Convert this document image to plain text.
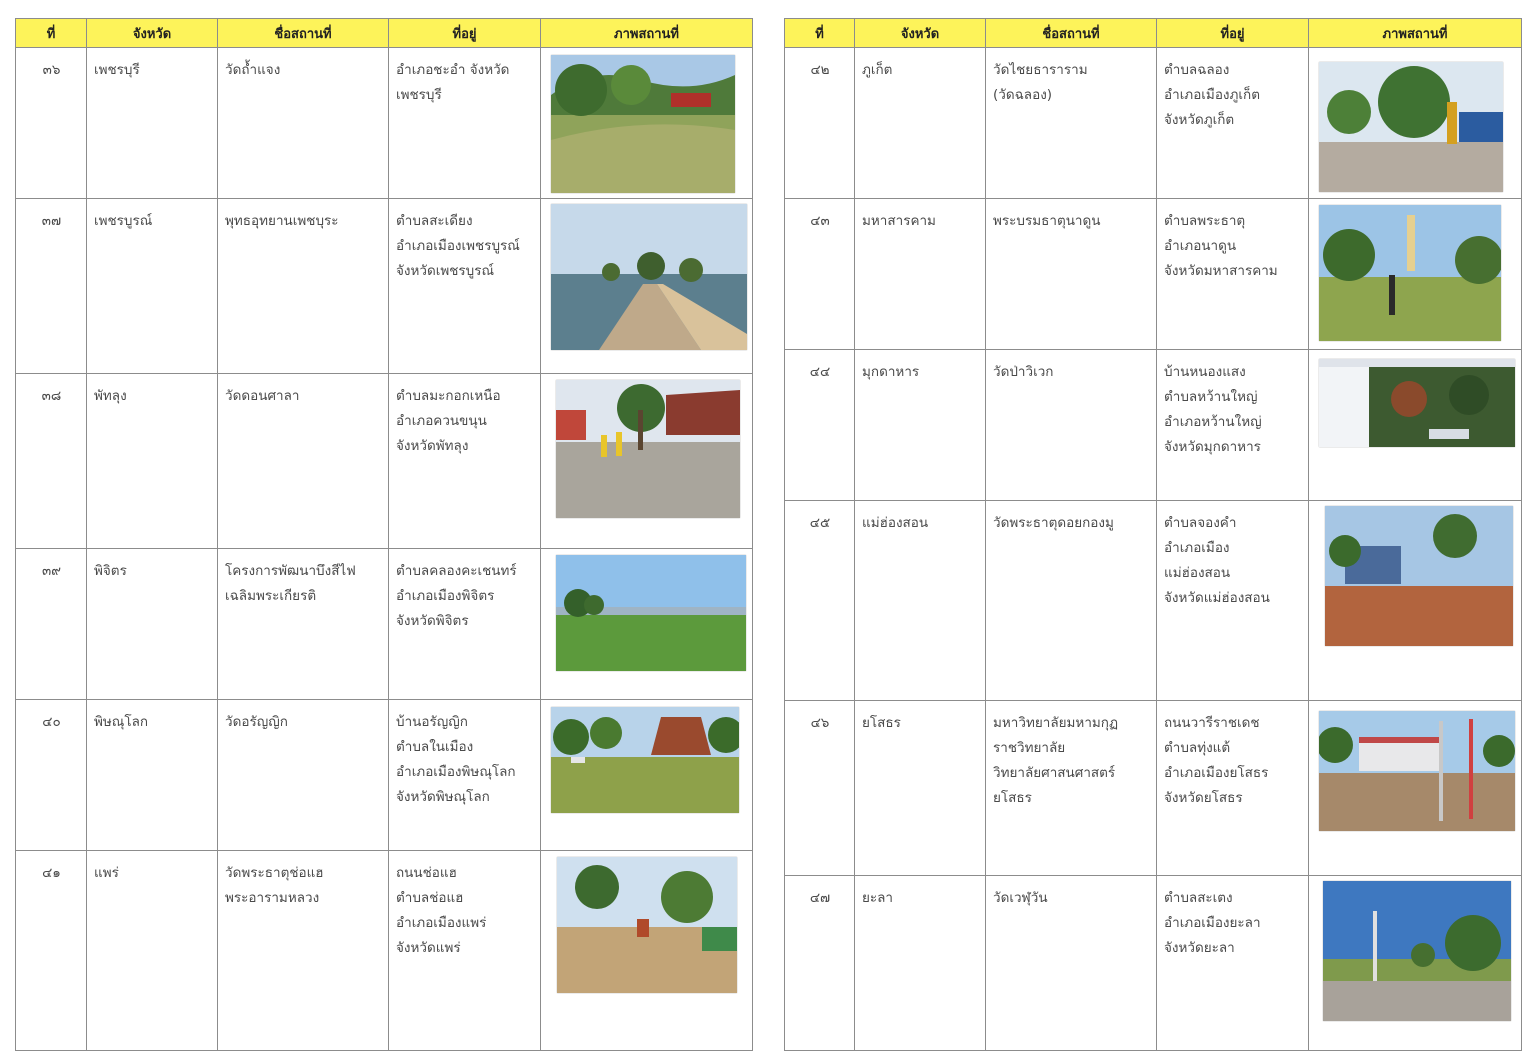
ที่	จังหวัด	ชื่อสถานที่	ที่อยู่	ภาพสถานที่
๓๖	เพชรบุรี	วัดถ้ำแจง	อำเภอชะอำ จังหวัด
เพชรบุรี	

๓๗	เพชรบูรณ์	พุทธอุทยานเพชบุระ	ตำบลสะเดียง
อำเภอเมืองเพชรบูรณ์
จังหวัดเพชรบูรณ์	

๓๘	พัทลุง	วัดดอนศาลา	ตำบลมะกอกเหนือ
อำเภอควนขนุน
จังหวัดพัทลุง	

๓๙	พิจิตร	โครงการพัฒนาบึงสีไฟ
เฉลิมพระเกียรติ	ตำบลคลองคะเชนทร์
อำเภอเมืองพิจิตร
จังหวัดพิจิตร	

๔๐	พิษณุโลก	วัดอรัญญิก	บ้านอรัญญิก
ตำบลในเมือง
อำเภอเมืองพิษณุโลก
จังหวัดพิษณุโลก	

๔๑	แพร่	วัดพระธาตุช่อแฮ
พระอารามหลวง	ถนนช่อแฮ
ตำบลช่อแฮ
อำเภอเมืองแพร่
จังหวัดแพร่	
ที่	จังหวัด	ชื่อสถานที่	ที่อยู่	ภาพสถานที่
๔๒	ภูเก็ต	วัดไชยธาราราม
(วัดฉลอง)	ตำบลฉลอง
อำเภอเมืองภูเก็ต
จังหวัดภูเก็ต	

๔๓	มหาสารคาม	พระบรมธาตุนาดูน	ตำบลพระธาตุ
อำเภอนาดูน
จังหวัดมหาสารคาม	

๔๔	มุกดาหาร	วัดป่าวิเวก	บ้านหนองแสง
ตำบลหว้านใหญ่
อำเภอหว้านใหญ่
จังหวัดมุกดาหาร	

๔๕	แม่ฮ่องสอน	วัดพระธาตุดอยกองมู	ตำบลจองคำ
อำเภอเมือง
แม่ฮ่องสอน
จังหวัดแม่ฮ่องสอน	

๔๖	ยโสธร	มหาวิทยาลัยมหามกุฏ
ราชวิทยาลัย
วิทยาลัยศาสนศาสตร์
ยโสธร	ถนนวารีราชเดช
ตำบลทุ่งแต้
อำเภอเมืองยโสธร
จังหวัดยโสธร	

๔๗	ยะลา	วัดเวฬุวัน	ตำบลสะเตง
อำเภอเมืองยะลา
จังหวัดยะลา	
